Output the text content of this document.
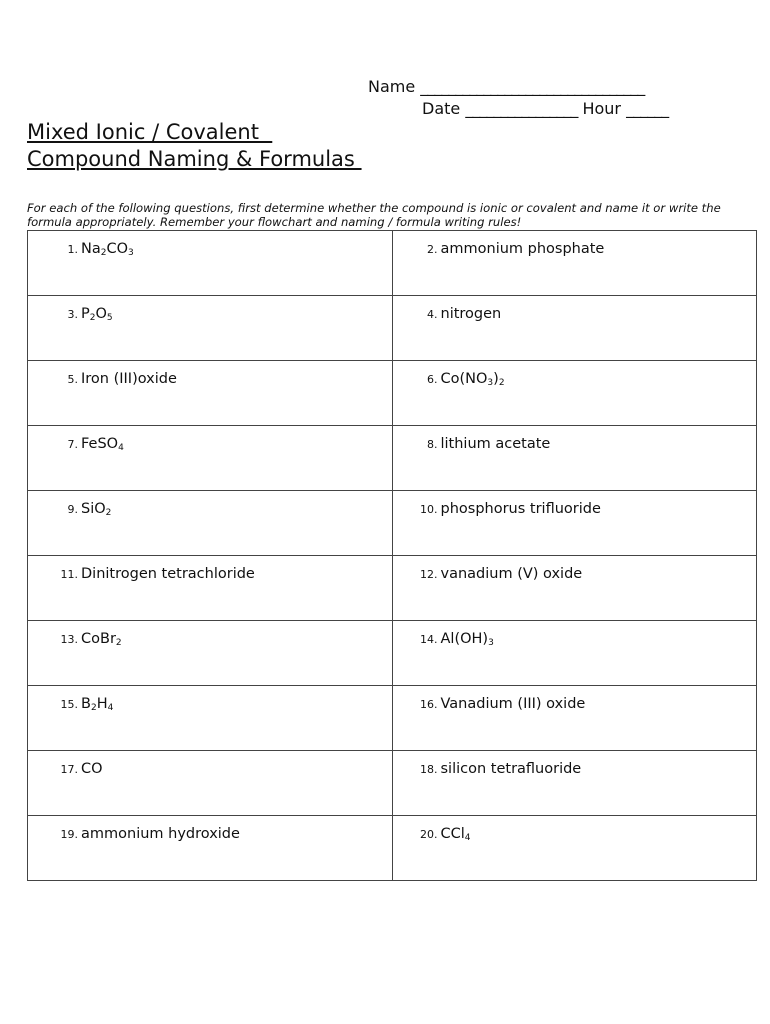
Name ________________________________
Date ________________ Hour ______
Mixed Ionic / Covalent
Compound Naming & Formulas
For each of the following questions, first determine whether the compound is ionic or covalent and name it or write the formula appropriately. Remember your flowchart and naming / formula writing rules!
1. $Na_2CO_3$	2. ammonium phosphate

3. $P_2O_5$	4. nitrogen

5. Iron (III)oxide	6. $Co(NO_3)_2$

7. FeSO$_4$	8. lithium acetate

9. SiO$_2$	10. phosphorus trifluoride

11. Dinitrogen tetrachloride	12. vanadium (V) oxide

13. CoBr$_2$	14. $Al(OH)_3$

15. $B_2H_4$	16. Vanadium (III) oxide

17. CO	18. silicon tetrafluoride

19. ammonium hydroxide	20. CCl$_4$
